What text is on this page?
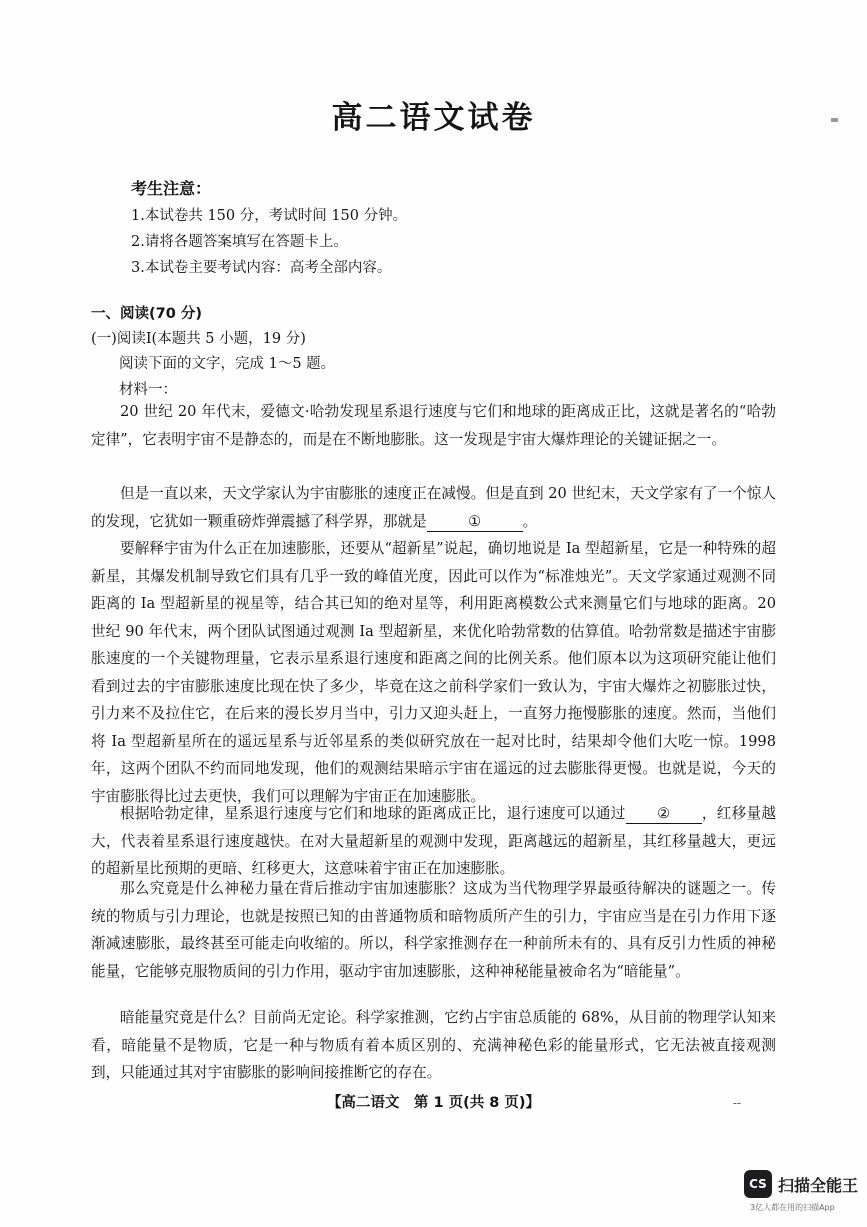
高二语文试卷
考生注意：
1.本试卷共 150 分，考试时间 150 分钟。
2.请将各题答案填写在答题卡上。
3.本试卷主要考试内容：高考全部内容。
一、阅读(70 分)
(一)阅读Ⅰ(本题共 5 小题，19 分)
阅读下面的文字，完成 1～5 题。
材料一：

20 世纪 20 年代末，爱德文·哈勃发现星系退行速度与它们和地球的距离成正比，这就是著名的“哈勃定律”，它表明宇宙不是静态的，而是在不断地膨胀。这一发现是宇宙大爆炸理论的关键证据之一。

但是一直以来，天文学家认为宇宙膨胀的速度正在减慢。但是直到 20 世纪末，天文学家有了一个惊人的发现，它犹如一颗重磅炸弹震撼了科学界，那就是	①	。

要解释宇宙为什么正在加速膨胀，还要从“超新星”说起，确切地说是 Ia 型超新星，它是一种特殊的超新星，其爆发机制导致它们具有几乎一致的峰值光度，因此可以作为“标准烛光”。天文学家通过观测不同距离的 Ia 型超新星的视星等，结合其已知的绝对星等，利用距离模数公式来测量它们与地球的距离。20 世纪 90 年代末，两个团队试图通过观测 Ia 型超新星，来优化哈勃常数的估算值。哈勃常数是描述宇宙膨胀速度的一个关键物理量，它表示星系退行速度和距离之间的比例关系。他们原本以为这项研究能让他们看到过去的宇宙膨胀速度比现在快了多少，毕竟在这之前科学家们一致认为，宇宙大爆炸之初膨胀过快，引力来不及拉住它，在后来的漫长岁月当中，引力又迎头赶上，一直努力拖慢膨胀的速度。然而，当他们将 Ia 型超新星所在的遥远星系与近邻星系的类似研究放在一起对比时，结果却令他们大吃一惊。1998 年，这两个团队不约而同地发现，他们的观测结果暗示宇宙在遥远的过去膨胀得更慢。也就是说，今天的宇宙膨胀得比过去更快，我们可以理解为宇宙正在加速膨胀。

根据哈勃定律，星系退行速度与它们和地球的距离成正比，退行速度可以通过 ② ，红移量越大，代表着星系退行速度越快。在对大量超新星的观测中发现，距离越远的超新星，其红移量越大，更远的超新星比预期的更暗、红移更大，这意味着宇宙正在加速膨胀。

那么究竟是什么神秘力量在背后推动宇宙加速膨胀？这成为当代物理学界最亟待解决的谜题之一。传统的物质与引力理论，也就是按照已知的由普通物质和暗物质所产生的引力，宇宙应当是在引力作用下逐渐减速膨胀，最终甚至可能走向收缩的。所以，科学家推测存在一种前所未有的、具有反引力性质的神秘能量，它能够克服物质间的引力作用，驱动宇宙加速膨胀，这种神秘能量被命名为“暗能量”。

暗能量究竟是什么？目前尚无定论。科学家推测，它约占宇宙总质能的 68%，从目前的物理学认知来看，暗能量不是物质，它是一种与物质有着本质区别的、充满神秘色彩的能量形式，它无法被直接观测到，只能通过其对宇宙膨胀的影响间接推断它的存在。

【高二语文　第 1 页(共 8 页)】	--
CS 扫描全能王
3亿人都在用的扫描App
